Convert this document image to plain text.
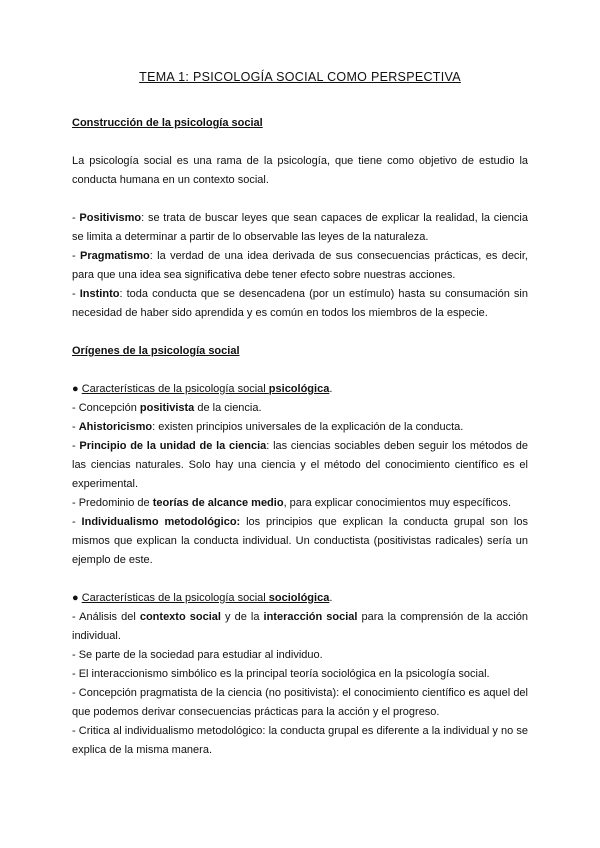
TEMA 1: PSICOLOGÍA SOCIAL COMO PERSPECTIVA

Construcción de la psicología social

La psicología social es una rama de la psicología, que tiene como objetivo de estudio la conducta humana en un contexto social.

- Positivismo: se trata de buscar leyes que sean capaces de explicar la realidad, la ciencia se limita a determinar a partir de lo observable las leyes de la naturaleza.

- Pragmatismo: la verdad de una idea derivada de sus consecuencias prácticas, es decir, para que una idea sea significativa debe tener efecto sobre nuestras acciones.

- Instinto: toda conducta que se desencadena (por un estímulo) hasta su consumación sin necesidad de haber sido aprendida y es común en todos los miembros de la especie.

Orígenes de la psicología social

● Características de la psicología social psicológica.

- Concepción positivista de la ciencia.

- Ahistoricismo: existen principios universales de la explicación de la conducta.

- Principio de la unidad de la ciencia: las ciencias sociables deben seguir los métodos de las ciencias naturales. Solo hay una ciencia y el método del conocimiento científico es el experimental.

- Predominio de teorías de alcance medio, para explicar conocimientos muy específicos.

- Individualismo metodológico: los principios que explican la conducta grupal son los mismos que explican la conducta individual. Un conductista (positivistas radicales) sería un ejemplo de este.

● Características de la psicología social sociológica.

- Análisis del contexto social y de la interacción social para la comprensión de la acción individual.

- Se parte de la sociedad para estudiar al individuo.

- El interaccionismo simbólico es la principal teoría sociológica en la psicología social.

- Concepción pragmatista de la ciencia (no positivista): el conocimiento científico es aquel del que podemos derivar consecuencias prácticas para la acción y el progreso.

- Critica al individualismo metodológico: la conducta grupal es diferente a la individual y no se explica de la misma manera.
